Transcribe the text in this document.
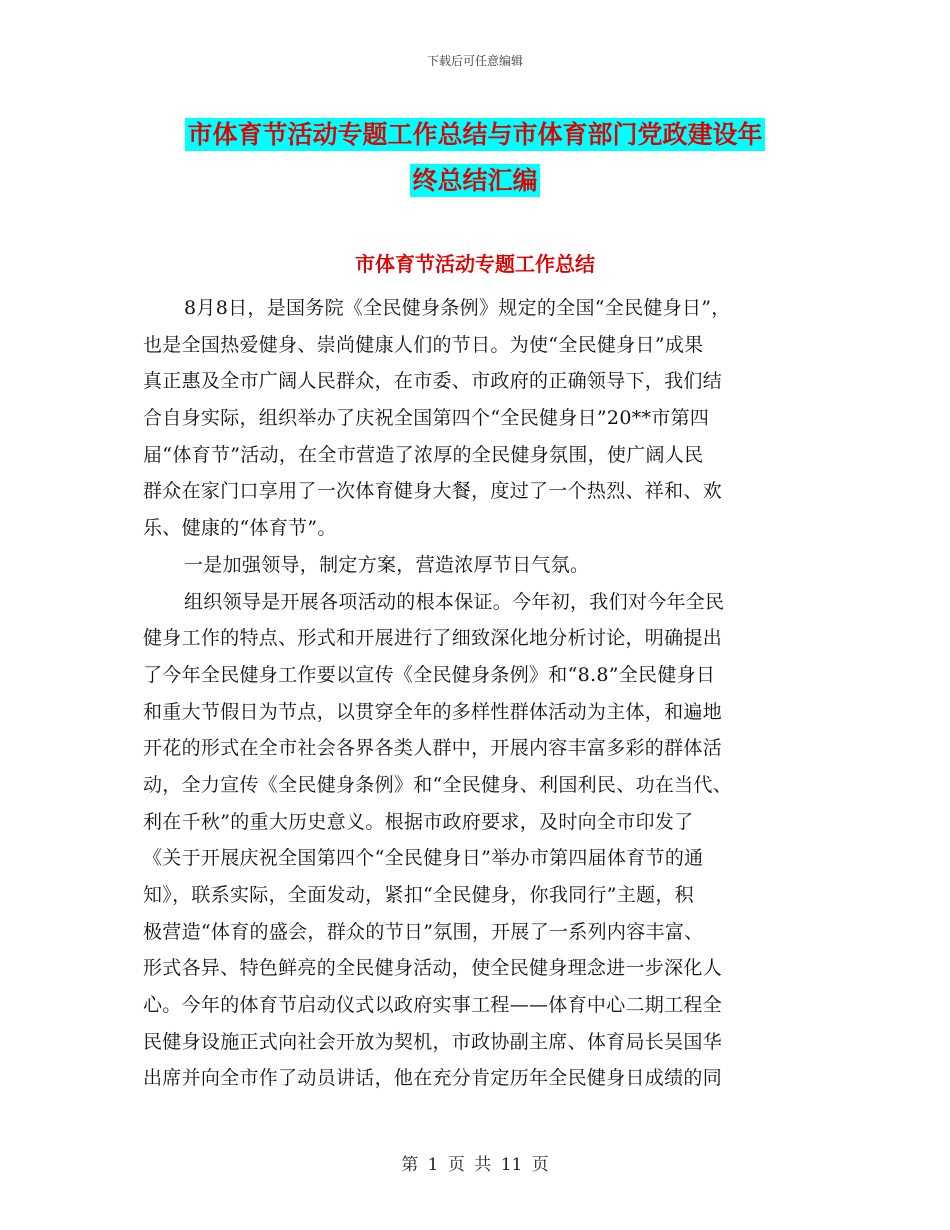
下载后可任意编辑
市体育节活动专题工作总结与市体育部门党政建设年
终总结汇编
市体育节活动专题工作总结
8月8日，是国务院《全民健身条例》规定的全国“全民健身日”，
也是全国热爱健身、崇尚健康人们的节日。为使“全民健身日”成果
真正惠及全市广阔人民群众，在市委、市政府的正确领导下，我们结
合自身实际，组织举办了庆祝全国第四个“全民健身日”20**市第四
届“体育节”活动，在全市营造了浓厚的全民健身氛围，使广阔人民
群众在家门口享用了一次体育健身大餐，度过了一个热烈、祥和、欢
乐、健康的“体育节”。
一是加强领导，制定方案，营造浓厚节日气氛。
组织领导是开展各项活动的根本保证。今年初，我们对今年全民
健身工作的特点、形式和开展进行了细致深化地分析讨论，明确提出
了今年全民健身工作要以宣传《全民健身条例》和“8.8”全民健身日
和重大节假日为节点，以贯穿全年的多样性群体活动为主体，和遍地
开花的形式在全市社会各界各类人群中，开展内容丰富多彩的群体活
动，全力宣传《全民健身条例》和“全民健身、利国利民、功在当代、
利在千秋”的重大历史意义。根据市政府要求，及时向全市印发了
《关于开展庆祝全国第四个“全民健身日”举办市第四届体育节的通
知》，联系实际，全面发动，紧扣“全民健身，你我同行”主题，积
极营造“体育的盛会，群众的节日”氛围，开展了一系列内容丰富、
形式各异、特色鲜亮的全民健身活动，使全民健身理念进一步深化人
心。今年的体育节启动仪式以政府实事工程——体育中心二期工程全
民健身设施正式向社会开放为契机，市政协副主席、体育局长吴国华
出席并向全市作了动员讲话，他在充分肯定历年全民健身日成绩的同
第 1 页 共 11 页
